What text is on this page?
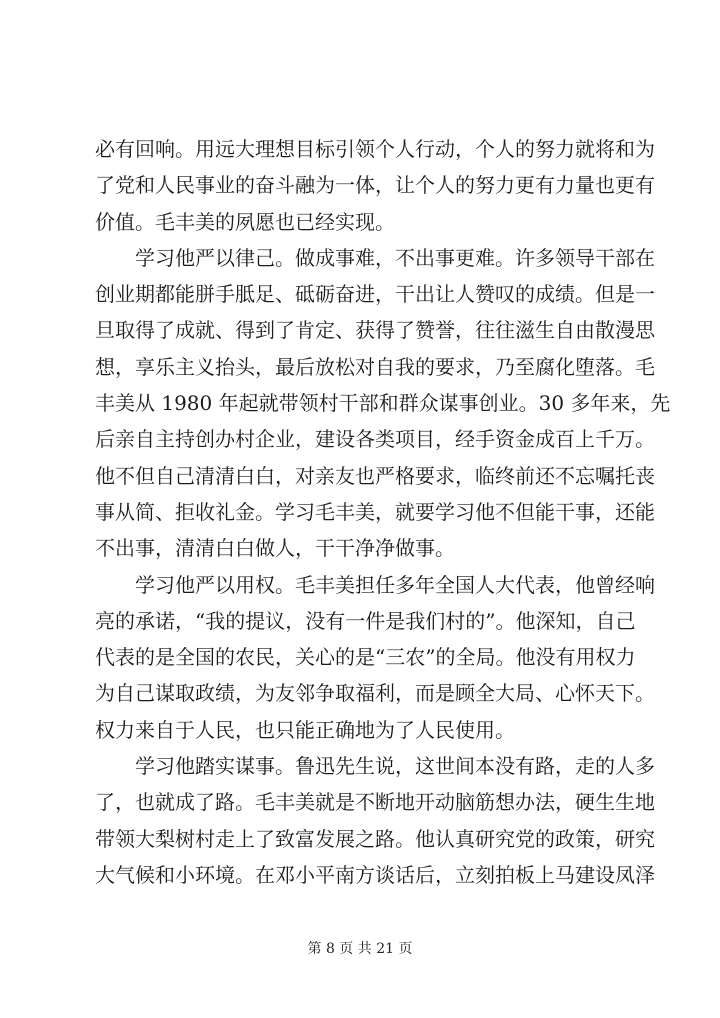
必有回响。用远大理想目标引领个人行动，个人的努力就将和为
了党和人民事业的奋斗融为一体，让个人的努力更有力量也更有
价值。毛丰美的夙愿也已经实现。
学习他严以律己。做成事难，不出事更难。许多领导干部在
创业期都能胼手胝足、砥砺奋进，干出让人赞叹的成绩。但是一
旦取得了成就、得到了肯定、获得了赞誉，往往滋生自由散漫思
想，享乐主义抬头，最后放松对自我的要求，乃至腐化堕落。毛
丰美从 1980 年起就带领村干部和群众谋事创业。30 多年来，先
后亲自主持创办村企业，建设各类项目，经手资金成百上千万。
他不但自己清清白白，对亲友也严格要求，临终前还不忘嘱托丧
事从简、拒收礼金。学习毛丰美，就要学习他不但能干事，还能
不出事，清清白白做人，干干净净做事。
学习他严以用权。毛丰美担任多年全国人大代表，他曾经响
亮的承诺，“我的提议，没有一件是我们村的”。他深知，自己
代表的是全国的农民，关心的是“三农”的全局。他没有用权力
为自己谋取政绩，为友邻争取福利，而是顾全大局、心怀天下。
权力来自于人民，也只能正确地为了人民使用。
学习他踏实谋事。鲁迅先生说，这世间本没有路，走的人多
了，也就成了路。毛丰美就是不断地开动脑筋想办法，硬生生地
带领大梨树村走上了致富发展之路。他认真研究党的政策，研究
大气候和小环境。在邓小平南方谈话后，立刻拍板上马建设凤泽
第 8 页 共 21 页
